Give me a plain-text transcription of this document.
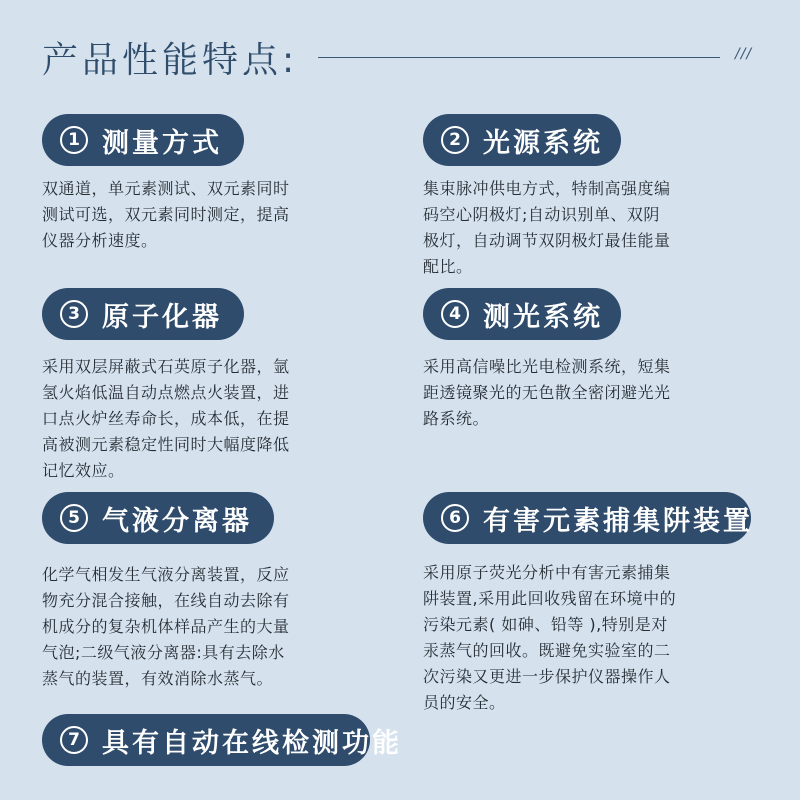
产品性能特点:	///
1 测量方式
双通道，单元素测试、双元素同时
测试可选，双元素同时测定，提高
仪器分析速度。
2 光源系统
集束脉冲供电方式，特制高强度编
码空心阴极灯;自动识别单、双阴
极灯，自动调节双阴极灯最佳能量
配比。
3 原子化器
采用双层屏蔽式石英原子化器，氩
氢火焰低温自动点燃点火装置，进
口点火炉丝寿命长，成本低，在提
高被测元素稳定性同时大幅度降低
记忆效应。
4 测光系统
采用高信噪比光电检测系统，短集
距透镜聚光的无色散全密闭避光光
路系统。
5 气液分离器
化学气相发生气液分离装置，反应
物充分混合接触，在线自动去除有
机成分的复杂机体样品产生的大量
气泡;二级气液分离器:具有去除水
蒸气的装置，有效消除水蒸气。
6 有害元素捕集阱装置
采用原子荧光分析中有害元素捕集
阱装置,采用此回收残留在环境中的
污染元素( 如砷、铅等 ),特别是对
汞蒸气的回收。既避免实验室的二
次污染又更进一步保护仪器操作人
员的安全。
7 具有自动在线检测功能
